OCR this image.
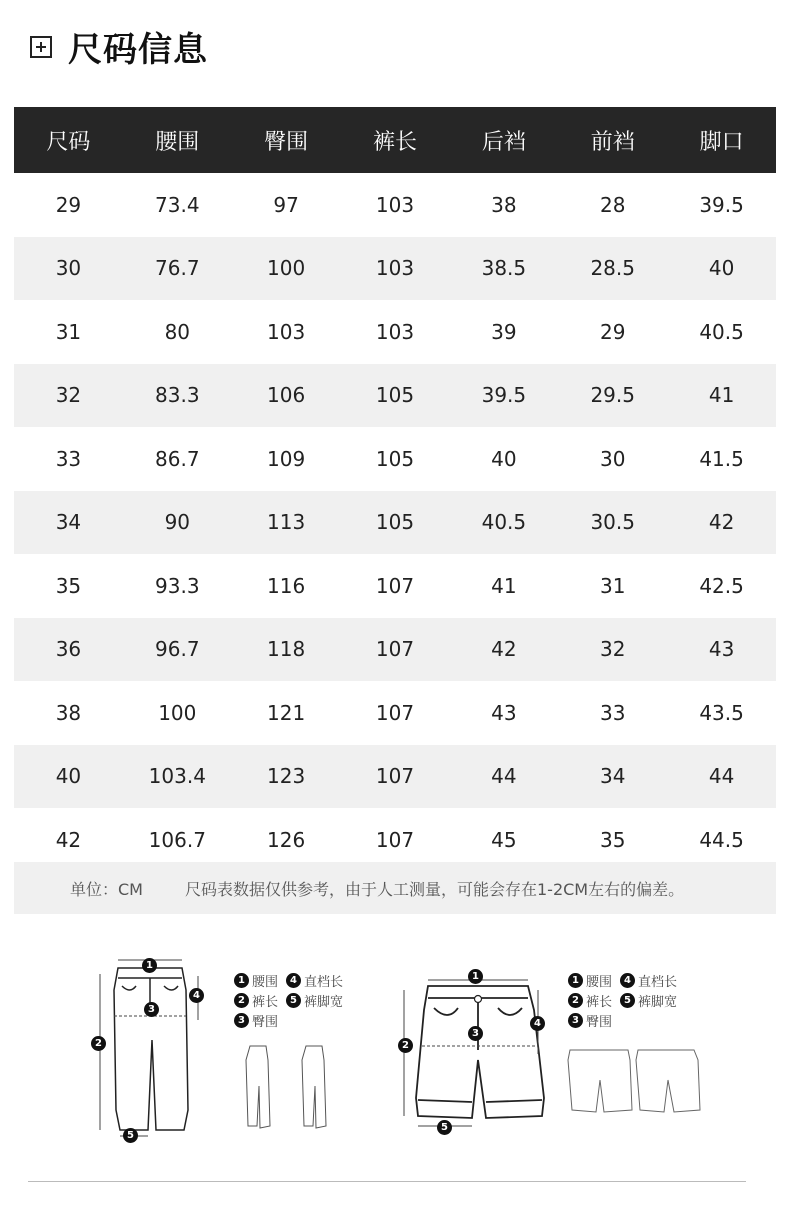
尺码信息
尺码	腰围	臀围	裤长	后裆	前裆	脚口
29	73.4	97	103	38	28	39.5
30	76.7	100	103	38.5	28.5	40
31	80	103	103	39	29	40.5
32	83.3	106	105	39.5	29.5	41
33	86.7	109	105	40	30	41.5
34	90	113	105	40.5	30.5	42
35	93.3	116	107	41	31	42.5
36	96.7	118	107	42	32	43
38	100	121	107	43	33	43.5
40	103.4	123	107	44	34	44
42	106.7	126	107	45	35	44.5
单位：CM	尺码表数据仅供参考，由于人工测量，可能会存在1-2CM左右的偏差。
1
2
3
4
5
1 腰围	4 直档长
2 裤长	5 裤脚宽
3 臀围
1
2
3
4
5
1 腰围	4 直档长
2 裤长	5 裤脚宽
3 臀围
